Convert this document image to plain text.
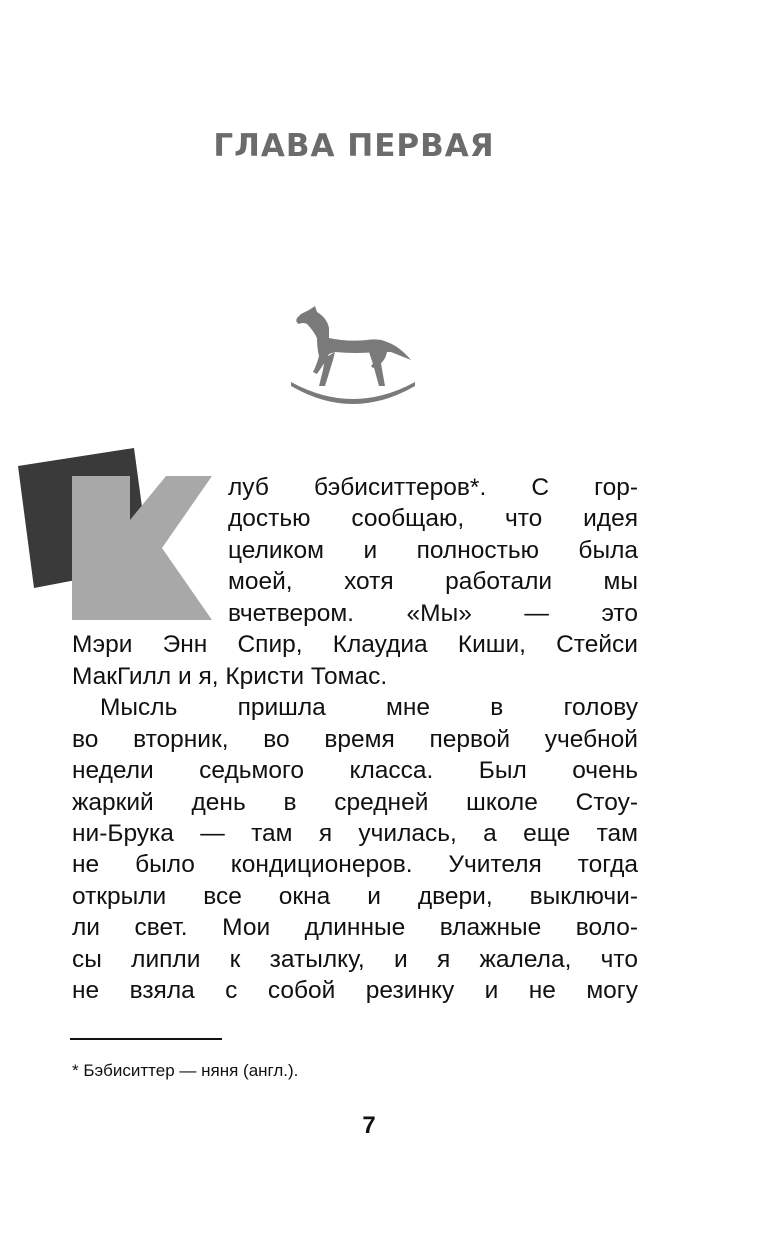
ГЛАВА ПЕРВАЯ
луб бэбиситтеров*. С гор-
достью сообщаю, что идея
целиком и полностью была
моей, хотя работали мы
вчетвером. «Мы» — это
Мэри Энн Спир, Клаудиа Киши, Стейси
МакГилл и я, Кристи Томас.
Мысль пришла мне в голову
во вторник, во время первой учебной
недели седьмого класса. Был очень
жаркий день в средней школе Стоу-
ни-Брука — там я училась, а еще там
не было кондиционеров. Учителя тогда
открыли все окна и двери, выключи-
ли свет. Мои длинные влажные воло-
сы липли к затылку, и я жалела, что
не взяла с собой резинку и не могу
* Бэбиситтер — няня (англ.).
7
